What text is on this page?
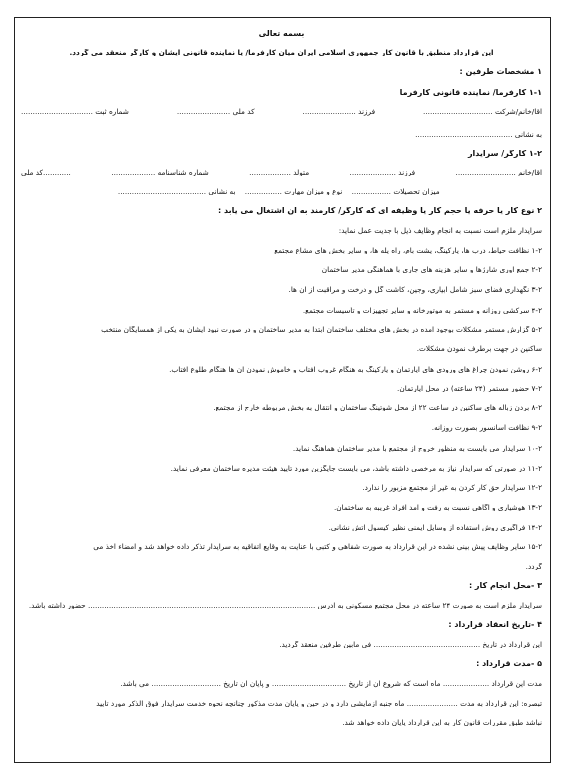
بسمه تعالی

این قرارداد منطبق با قانون کار جمهوری اسلامی ایران میان کارفرما/ یا نماینده قانونی ایشان و کارگر منعقد می گردد.

۱ مشخصات طرفین :

۱-۱ کارفرما/ نماینده قانونی کارفرما

آقا/خانم/شرکت ..............................
فرزند .......................
کد ملی .......................
شماره ثبت ...............................

به نشانی ..........................................

۱-۲ کارگر/ سرایدار

آقا/خانم ..........................
فرزند ....................
متولد ..................
شماره شناسنامه ...................
............کد ملی
میزان تحصیلات .................    نوع و میزان مهارت ................    به نشانی ......................................

۲ نوع کار یا حرفه یا حجم کار یا وظیفه ای که کارگر/ کارمند به آن اشتغال می یابد :

سرایدار ملزم است نسبت به انجام وظایف ذیل با جدیت عمل نماید:

۱-۲ نظافت حیاط، درب ها، پارکینگ، پشت بام، راه پله ها، و سایر بخش های مشاع مجتمع

۲-۲ جمع آوری شارژها و سایر هزینه های جاری با هماهنگی مدیر ساختمان

۳-۲ نگهداری فضای سبز شامل آبیاری، وجین، کاشت گل و درخت و مراقبت از آن ها.

۴-۲ سرکشی روزانه و مستمر به موتورخانه و سایر تجهیزات و تأسیسات مجتمع.

۵-۲ گزارش مستمر مشکلات بوجود آمده در بخش های مختلف ساختمان ابتدا به مدیر ساختمان و در صورت نبود ایشان به یکی از همسایگان منتخب

ساکنین در جهت برطرف نمودن مشکلات.

۶-۲ روشن نمودن چراغ های ورودی های آپارتمان و پارکینگ به هنگام غروب آفتاب و خاموش نمودن آن ها هنگام طلوع آفتاب.

۷-۲ حضور مستمر (۲۴ ساعته) در محل آپارتمان.

۸-۲ بردن زباله های ساکنین در ساعت ۲۲ از محل شوتینگ ساختمان و انتقال به بخش مربوطه خارج از مجتمع.

۹-۲ نظافت آسانسور بصورت روزانه.

۱۰-۲ سرایدار می بایست به منظور خروج از مجتمع با مدیر ساختمان هماهنگ نماید.

۱۱-۲ در صورتی که سرایدار نیاز به مرخصی داشته باشد، می بایست جایگزین مورد تأیید هیئت مدیره ساختمان معرفی نماید.

۱۲-۲ سرایدار حق کار کردن به غیر از مجتمع مزبور را ندارد.

۱۳-۲ هوشیاری و آگاهی نسبت به رفت و آمد افراد غریبه به ساختمان.

۱۴-۲ فراگیری روش استفاده از وسایل ایمنی نظیر کپسول آتش نشانی.

۱۵-۲ سایر وظایف پیش بینی نشده در این قرارداد به صورت شفاهی و کتبی با عنایت به وقایع اتفاقیه به سرایدار تذکر داده خواهد شد و امضاء اخذ می

گردد.

۳ -محل انجام کار :

سرایدار ملزم است به صورت ۲۴ ساعته در محل مجتمع مسکونی به آدرس .................................................................................................. حضور داشته باشد.

۴ -تاریخ انعقاد قرارداد :

این قرارداد در تاریخ .............................................. فی مابین طرفین منعقد گردید.

۵ -مدت قرارداد :

مدت این قرارداد .................... ماه است که شروع آن از تاریخ ................................ و پایان آن تاریخ .............................. می باشد.

تبصره: این قرارداد به مدت ...................... ماه جنبه آزمایشی دارد و در حین و پایان مدت مذکور چنانچه نحوه خدمت سرایدار فوق الذکر مورد تایید

نباشد طبق مقررات قانون کار به این قرارداد پایان داده خواهد شد.
